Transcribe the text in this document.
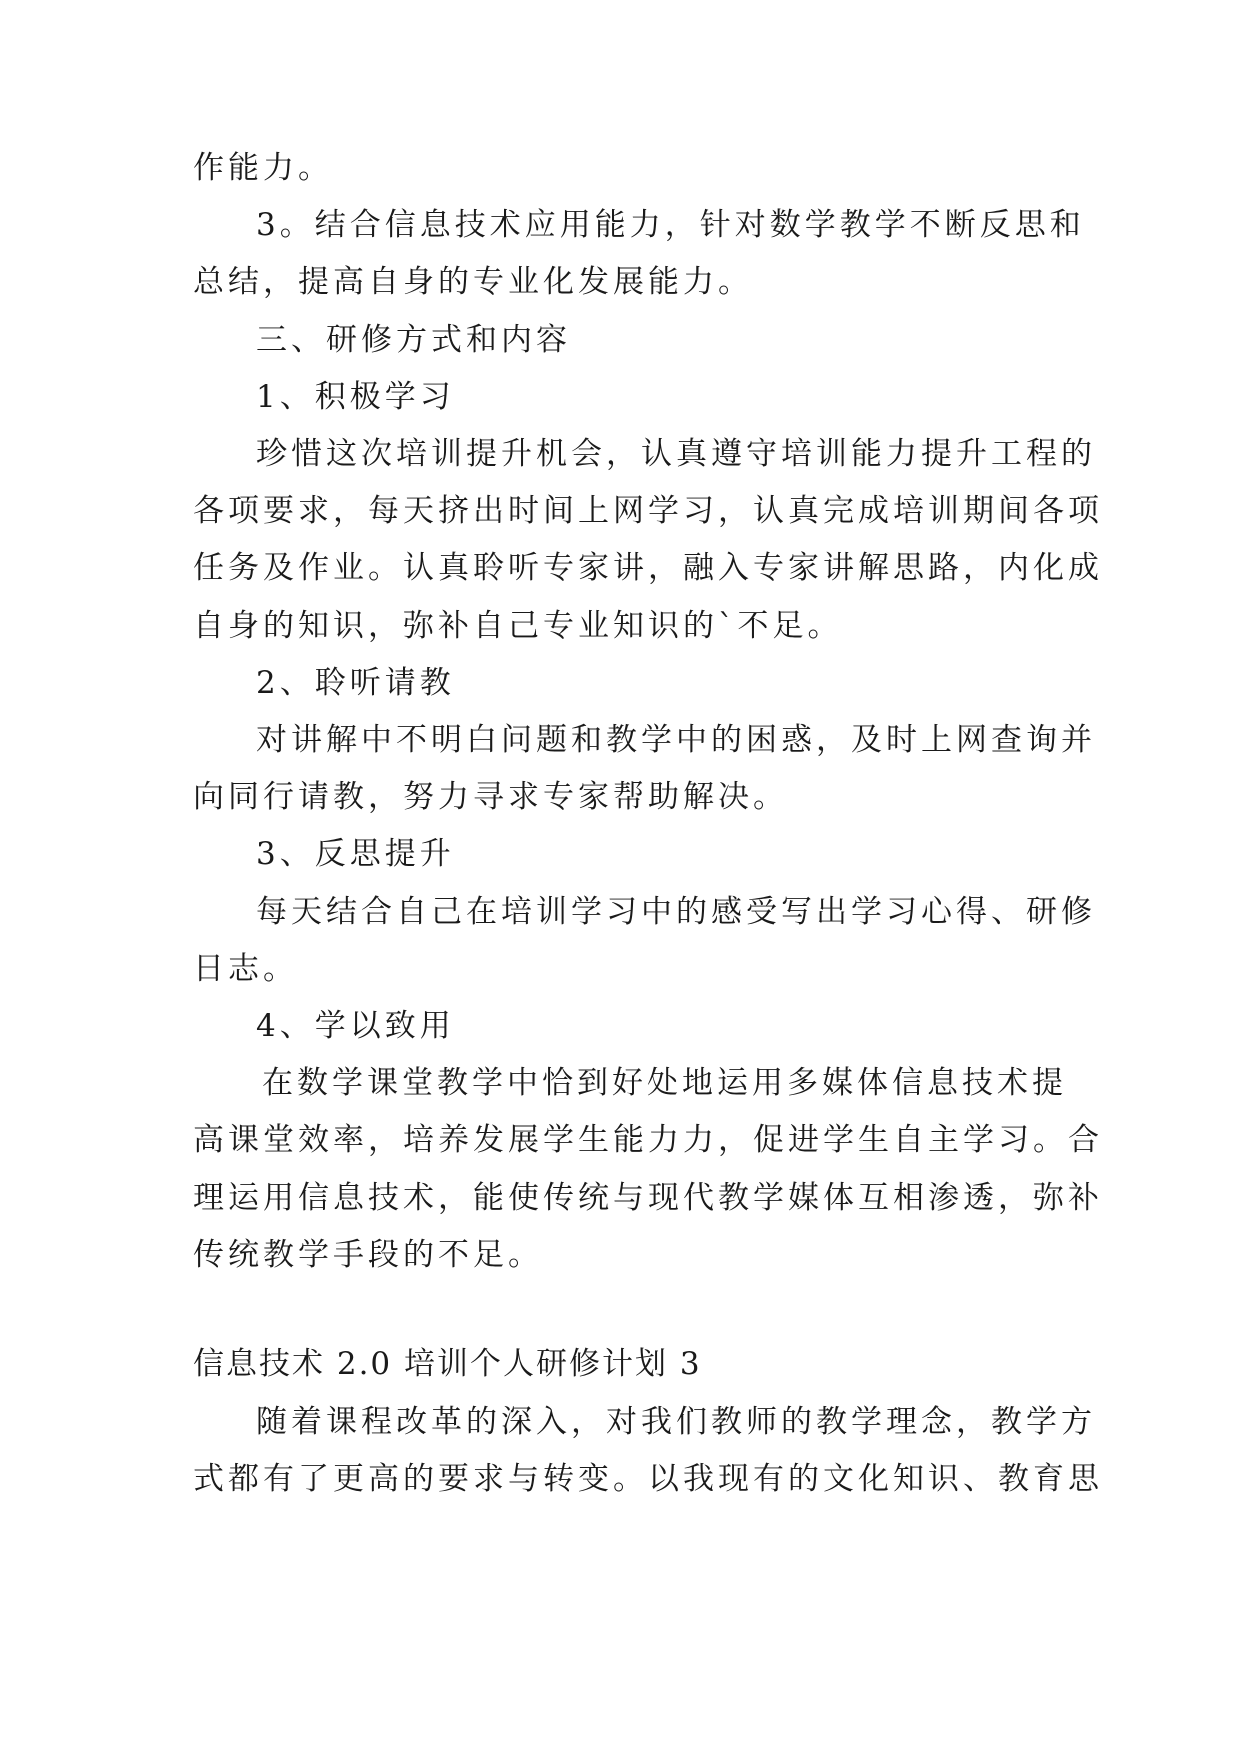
作能力。

3。结合信息技术应用能力，针对数学教学不断反思和

总结，提高自身的专业化发展能力。

三、研修方式和内容

1、积极学习

珍惜这次培训提升机会，认真遵守培训能力提升工程的

各项要求，每天挤出时间上网学习，认真完成培训期间各项

任务及作业。认真聆听专家讲，融入专家讲解思路，内化成

自身的知识，弥补自己专业知识的`不足。

2、聆听请教

对讲解中不明白问题和教学中的困惑，及时上网查询并

向同行请教，努力寻求专家帮助解决。

3、反思提升

每天结合自己在培训学习中的感受写出学习心得、研修

日志。

4、学以致用

在数学课堂教学中恰到好处地运用多媒体信息技术提

高课堂效率，培养发展学生能力力，促进学生自主学习。合

理运用信息技术，能使传统与现代教学媒体互相渗透，弥补

传统教学手段的不足。

信息技术 2.0 培训个人研修计划 3

随着课程改革的深入，对我们教师的教学理念，教学方

式都有了更高的要求与转变。以我现有的文化知识、教育思
